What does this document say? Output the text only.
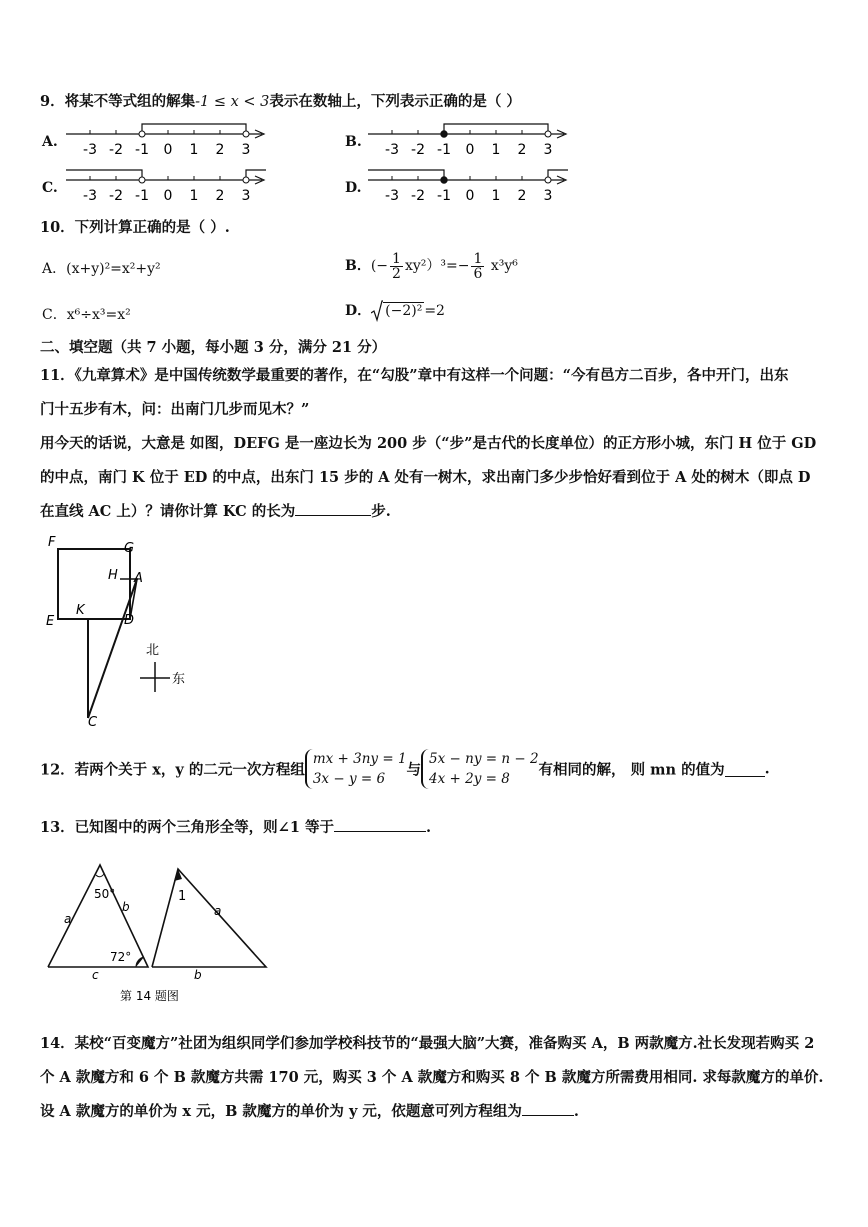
9．将某不等式组的解集-1 ≤ x < 3表示在数轴上，下列表示正确的是（ ）
A.	B.
C.	D.
-3 -2 -1 0 1 2 3	-3 -2 -1 0 1 2 3
-3 -2 -1 0 1 2 3	-3 -2 -1 0 1 2 3
10．下列计算正确的是（ ）.
A．(x+y)²=x²+y²	B．(− $\frac{1}{2} xy^2)^3=- \frac{1}{6} x^3y^6$
C．x⁶÷x³=x²	D． (−2)² =2
二、填空题（共 7 小题，每小题 3 分，满分 21 分）
11．《九章算术》是中国传统数学最重要的著作，在“勾股”章中有这样一个问题：“今有邑方二百步，各中开门，出东
门十五步有木，问：出南门几步而见木？”
用今天的话说，大意是 如图，DEFG 是一座边长为 200 步（“步”是古代的长度单位）的正方形小城，东门 H 位于 GD
的中点，南门 K 位于 ED 的中点，出东门 15 步的 A 处有一树木，求出南门多少步恰好看到位于 A 处的树木（即点 D
在直线 AC 上）？请你计算 KC 的长为	步.
F	G
H A
E
K
D
C
北
东
12．若两个关于 x，y 的二元一次方程组
mx + 3ny = 1
3x − y = 6
与
5x − ny = n − 2
4x + 2y = 8
有相同的解， 则 mn 的值为	.
13．已知图中的两个三角形全等，则∠1 等于	.
50°
a
b
72°
c
1
a
b
第 14 题图
14．某校“百变魔方”社团为组织同学们参加学校科技节的“最强大脑”大赛，准备购买 A，B 两款魔方.社长发现若购买 2
个 A 款魔方和 6 个 B 款魔方共需 170 元，购买 3 个 A 款魔方和购买 8 个 B 款魔方所需费用相同. 求每款魔方的单价.
设 A 款魔方的单价为 x 元，B 款魔方的单价为 y 元，依题意可列方程组为	.
